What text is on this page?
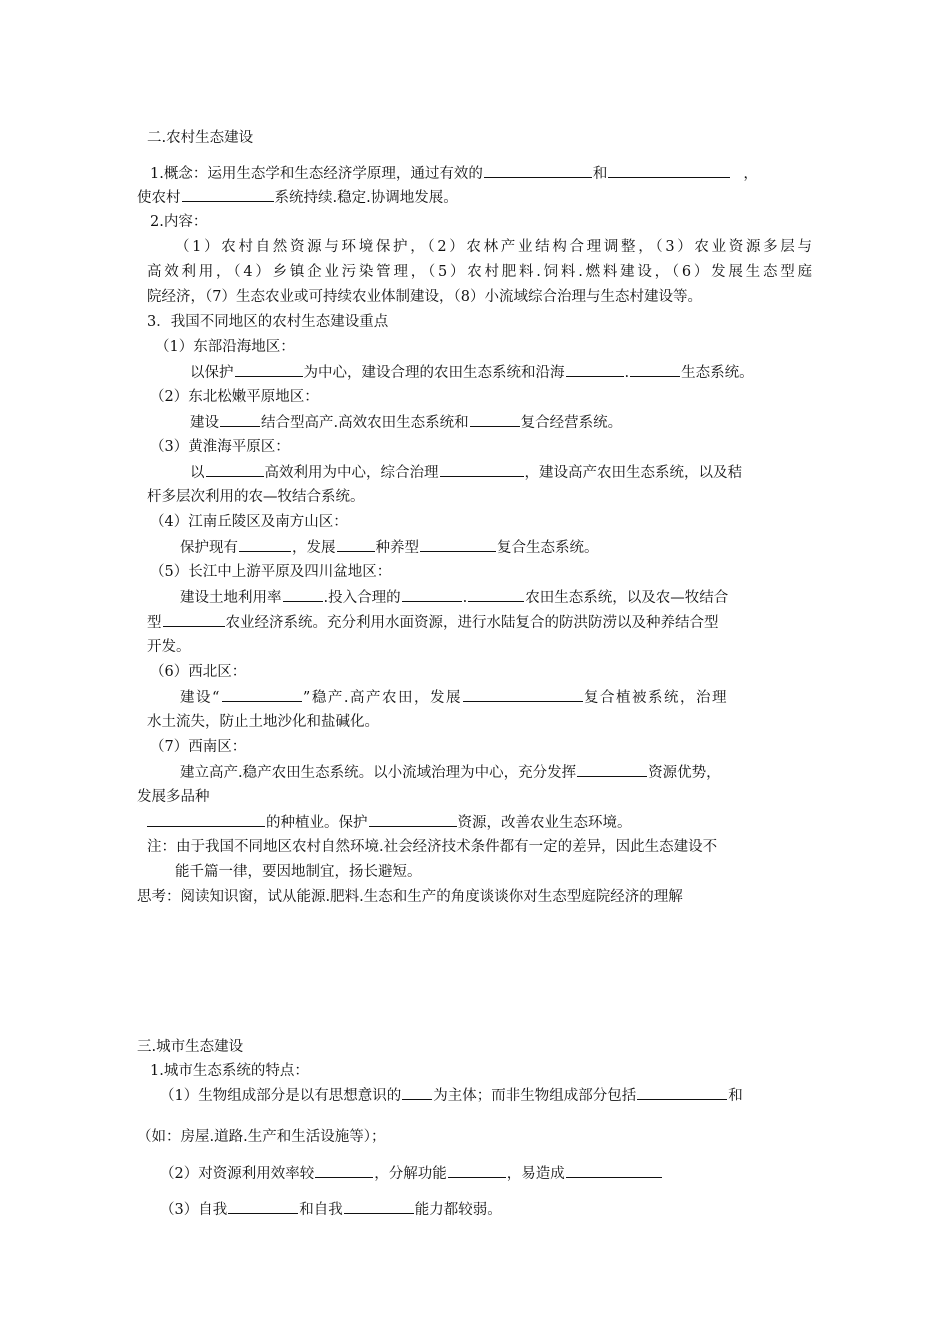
二.农村生态建设
1.概念：运用生态学和生态经济学原理，通过有效的	和	，
使农村	系统持续.稳定.协调地发展。
2.内容：
（1）农村自然资源与环境保护，（2）农林产业结构合理调整，（3）农业资源多层与
高效利用，（4）乡镇企业污染管理，（5）农村肥料.饲料.燃料建设，（6）发展生态型庭
院经济，（7）生态农业或可持续农业体制建设，（8）小流域综合治理与生态村建设等。
3．我国不同地区的农村生态建设重点
（1）东部沿海地区：
以保护	为中心，建设合理的农田生态系统和沿海	.	生态系统。
（2）东北松嫩平原地区：
建设	结合型高产.高效农田生态系统和	复合经营系统。
（3）黄淮海平原区：
以	高效利用为中心，综合治理	，建设高产农田生态系统，以及秸
杆多层次利用的农—牧结合系统。
（4）江南丘陵区及南方山区：
保护现有	，发展	种养型	复合生态系统。
（5）长江中上游平原及四川盆地区：
建设土地利用率	.投入合理的	.	农田生态系统，以及农—牧结合
型	农业经济系统。充分利用水面资源，进行水陆复合的防洪防涝以及种养结合型
开发。
（6）西北区：
建设“	”稳产.高产农田，发展	复合植被系统，治理
水土流失，防止土地沙化和盐碱化。
（7）西南区：
建立高产.稳产农田生态系统。以小流域治理为中心，充分发挥	资源优势，
发展多品种
的种植业。保护	资源，改善农业生态环境。
注：由于我国不同地区农村自然环境.社会经济技术条件都有一定的差异，因此生态建设不
能千篇一律，要因地制宜，扬长避短。
思考：阅读知识窗，试从能源.肥料.生态和生产的角度谈谈你对生态型庭院经济的理解
三.城市生态建设
1.城市生态系统的特点：
（1）生物组成部分是以有思想意识的 为主体；而非生物组成部分包括	和
（如：房屋.道路.生产和生活设施等）；
（2）对资源利用效率较	，分解功能	，易造成
（3）自我	和自我	能力都较弱。
